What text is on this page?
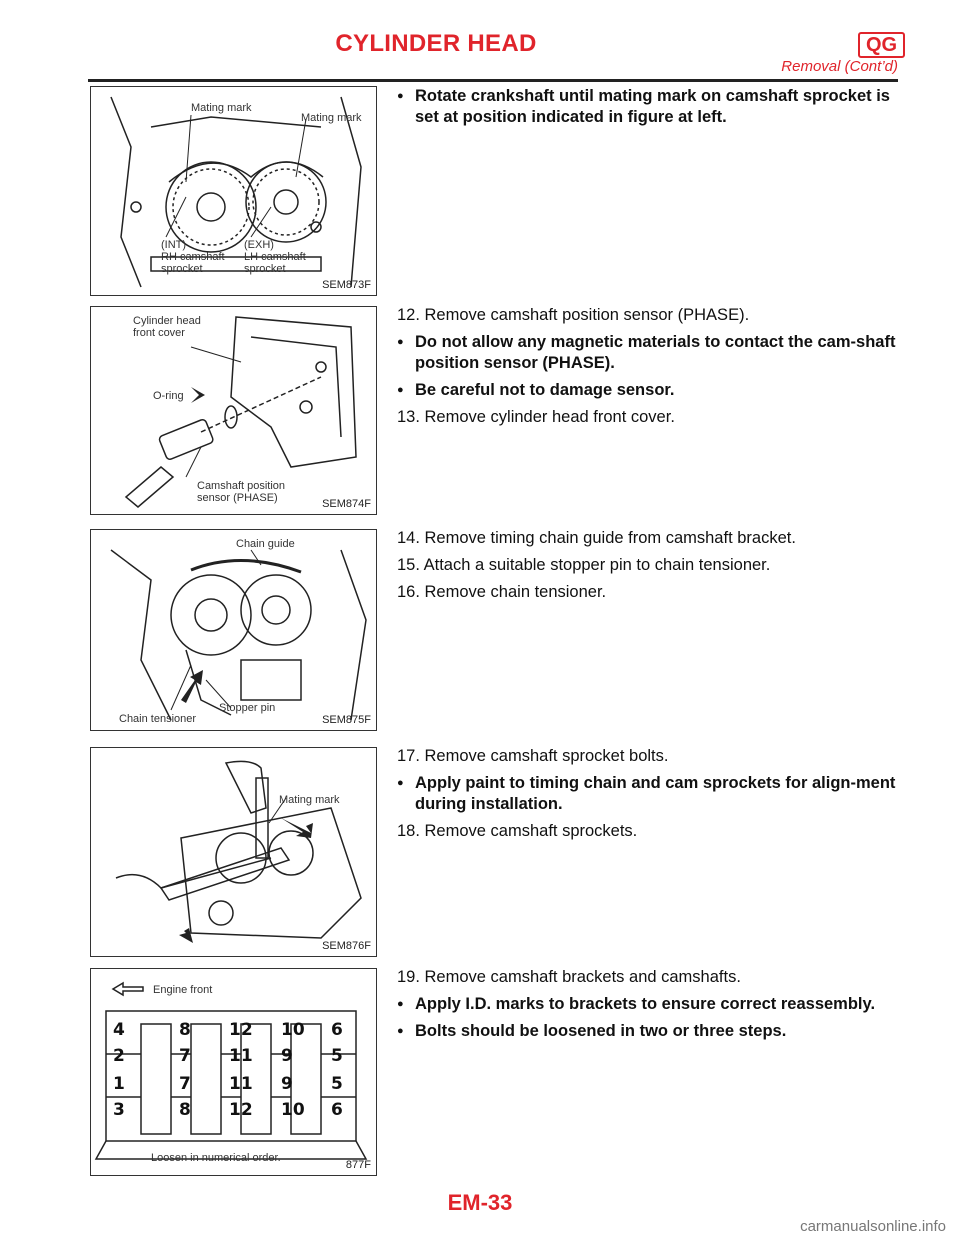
CYLINDER HEAD	QG
Removal (Cont’d)
Mating mark
Mating mark
(INT)
RH camshaft
sprocket
(EXH)
LH camshaft
sprocket
SEM873F
Cylinder head
front cover
O-ring
Camshaft position
sensor (PHASE)	SEM874F
Chain guide
Stopper pin
Chain tensioner	SEM875F
Mating mark
SEM876F
4	8 12 10 6
2	7 11 9 5
1	7 11 9 5
3	8 12 10 6
Engine front
Loosen in numerical order.
877F

● Rotate crankshaft until mating mark on camshaft sprocket is set at position indicated in figure at left.

12. Remove camshaft position sensor (PHASE).

● Do not allow any magnetic materials to contact the cam-shaft position sensor (PHASE).

● Be careful not to damage sensor.

13. Remove cylinder head front cover.

14. Remove timing chain guide from camshaft bracket.

15. Attach a suitable stopper pin to chain tensioner.

16. Remove chain tensioner.

17. Remove camshaft sprocket bolts.

● Apply paint to timing chain and cam sprockets for align-ment during installation.

18. Remove camshaft sprockets.

19. Remove camshaft brackets and camshafts.

● Apply I.D. marks to brackets to ensure correct reassembly.

● Bolts should be loosened in two or three steps.

EM-33
carmanualsonline.info
